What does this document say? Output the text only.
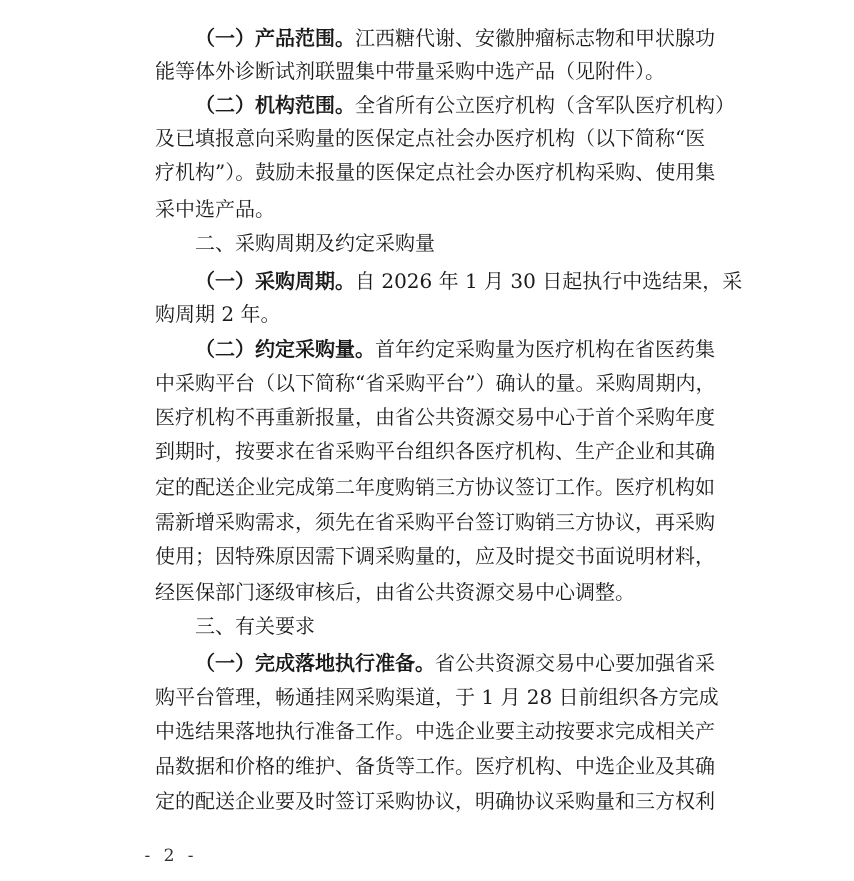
（一）产品范围。江西糖代谢、安徽肿瘤标志物和甲状腺功
能等体外诊断试剂联盟集中带量采购中选产品（见附件）。
（二）机构范围。全省所有公立医疗机构（含军队医疗机构）
及已填报意向采购量的医保定点社会办医疗机构（以下简称“医
疗机构”）。鼓励未报量的医保定点社会办医疗机构采购、使用集
采中选产品。
二、采购周期及约定采购量
（一）采购周期。自 2026 年 1 月 30 日起执行中选结果，采
购周期 2 年。
（二）约定采购量。首年约定采购量为医疗机构在省医药集
中采购平台（以下简称“省采购平台”）确认的量。采购周期内，
医疗机构不再重新报量，由省公共资源交易中心于首个采购年度
到期时，按要求在省采购平台组织各医疗机构、生产企业和其确
定的配送企业完成第二年度购销三方协议签订工作。医疗机构如
需新增采购需求，须先在省采购平台签订购销三方协议，再采购
使用；因特殊原因需下调采购量的，应及时提交书面说明材料，
经医保部门逐级审核后，由省公共资源交易中心调整。
三、有关要求
（一）完成落地执行准备。省公共资源交易中心要加强省采
购平台管理，畅通挂网采购渠道，于 1 月 28 日前组织各方完成
中选结果落地执行准备工作。中选企业要主动按要求完成相关产
品数据和价格的维护、备货等工作。医疗机构、中选企业及其确
定的配送企业要及时签订采购协议，明确协议采购量和三方权利
- 2 -
